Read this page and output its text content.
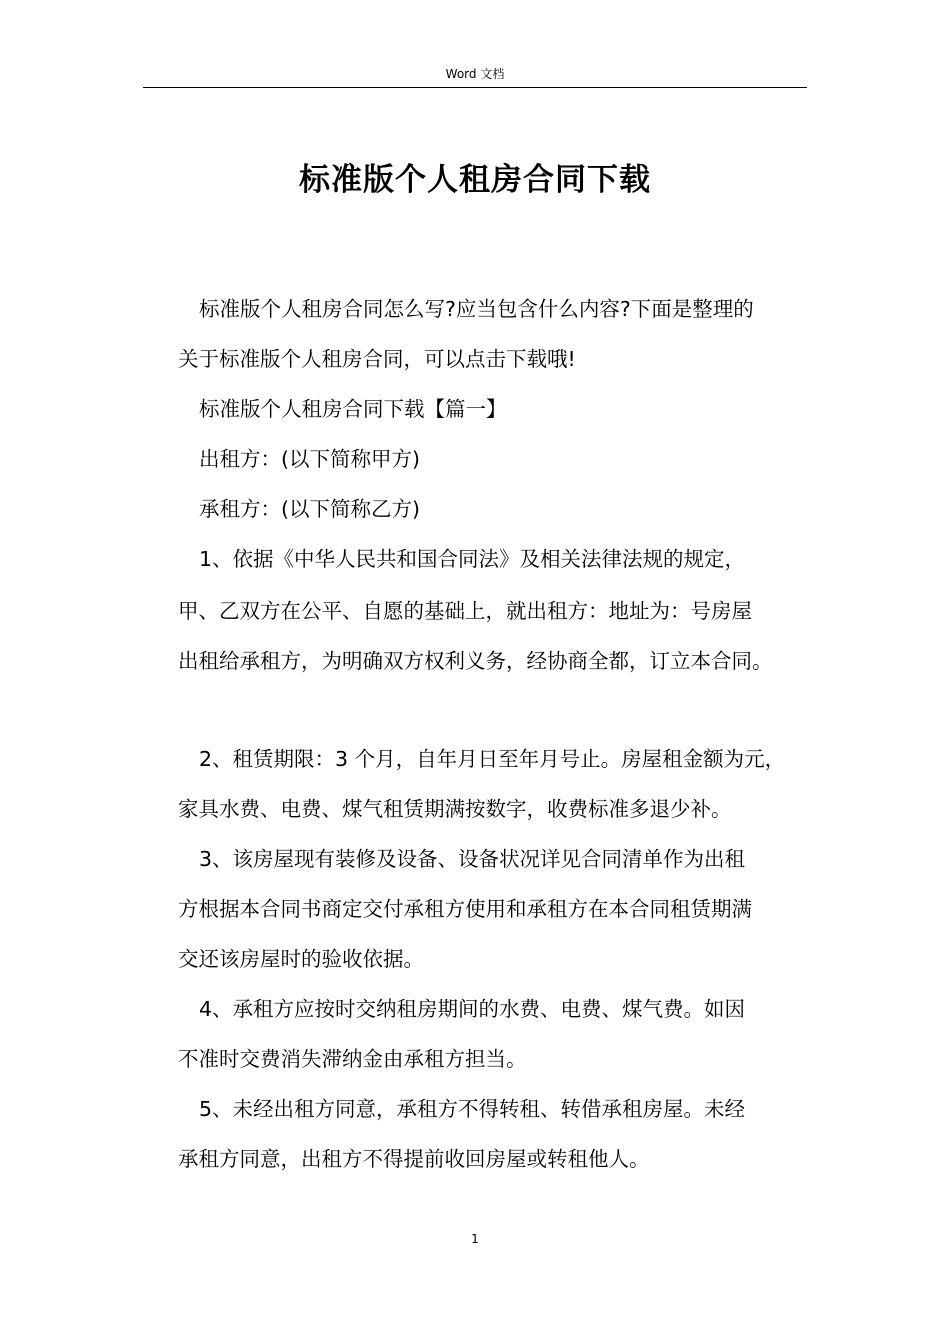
Word 文档
标准版个人租房合同下载
标准版个人租房合同怎么写?应当包含什么内容?下面是整理的
关于标准版个人租房合同，可以点击下载哦!
标准版个人租房合同下载【篇一】
出租方：(以下简称甲方)
承租方：(以下简称乙方)
1、依据《中华人民共和国合同法》及相关法律法规的规定，
甲、乙双方在公平、自愿的基础上，就出租方：地址为：号房屋
出租给承租方，为明确双方权利义务，经协商全都，订立本合同。
2、租赁期限：3 个月，自年月日至年月号止。房屋租金额为元，
家具水费、电费、煤气租赁期满按数字，收费标准多退少补。
3、该房屋现有装修及设备、设备状况详见合同清单作为出租
方根据本合同书商定交付承租方使用和承租方在本合同租赁期满
交还该房屋时的验收依据。
4、承租方应按时交纳租房期间的水费、电费、煤气费。如因
不准时交费消失滞纳金由承租方担当。
5、未经出租方同意，承租方不得转租、转借承租房屋。未经
承租方同意，出租方不得提前收回房屋或转租他人。
1
